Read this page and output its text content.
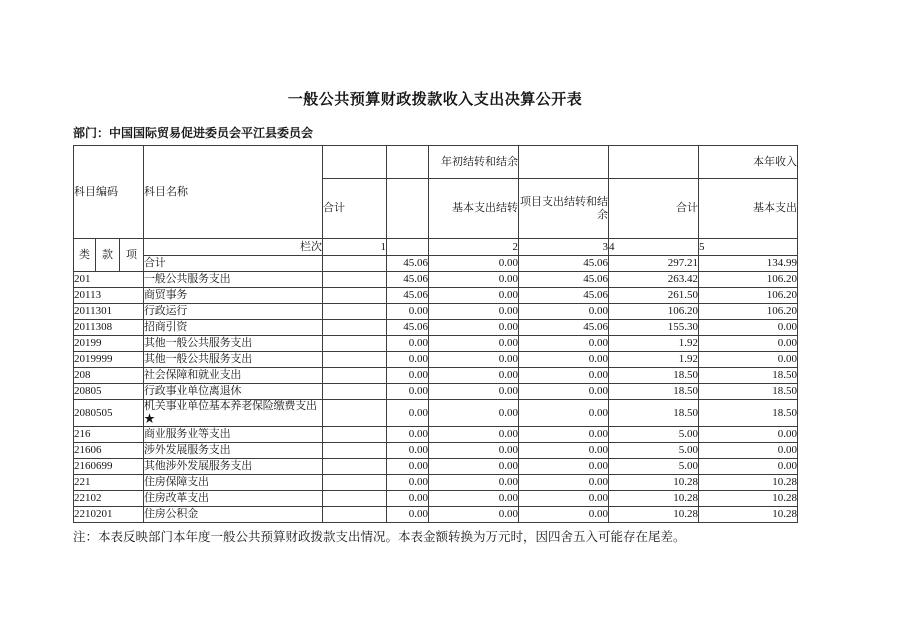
一般公共预算财政拨款收入支出决算公开表
部门：中国国际贸易促进委员会平江县委员会
科目编码			科目名称			年初结转和结余			本年收入
				合计		基本支出结转	项目支出结转和结余	合计	基本支出
类	款	项	栏次	1		2	3	4	5
			合计		45.06	0.00	45.06	297.21	134.99
201			一般公共服务支出		45.06	0.00	45.06	263.42	106.20
20113			商贸事务		45.06	0.00	45.06	261.50	106.20
2011301			行政运行		0.00	0.00	0.00	106.20	106.20
2011308			招商引资		45.06	0.00	45.06	155.30	0.00
20199			其他一般公共服务支出		0.00	0.00	0.00	1.92	0.00
2019999			其他一般公共服务支出		0.00	0.00	0.00	1.92	0.00
208			社会保障和就业支出		0.00	0.00	0.00	18.50	18.50
20805			行政事业单位离退休		0.00	0.00	0.00	18.50	18.50
2080505			机关事业单位基本养老保险缴费支出★		0.00	0.00	0.00	18.50	18.50
216			商业服务业等支出		0.00	0.00	0.00	5.00	0.00
21606			涉外发展服务支出		0.00	0.00	0.00	5.00	0.00
2160699			其他涉外发展服务支出		0.00	0.00	0.00	5.00	0.00
221			住房保障支出		0.00	0.00	0.00	10.28	10.28
22102			住房改革支出		0.00	0.00	0.00	10.28	10.28
2210201			住房公积金		0.00	0.00	0.00	10.28	10.28
注：本表反映部门本年度一般公共预算财政拨款支出情况。本表金额转换为万元时，因四舍五入可能存在尾差。
